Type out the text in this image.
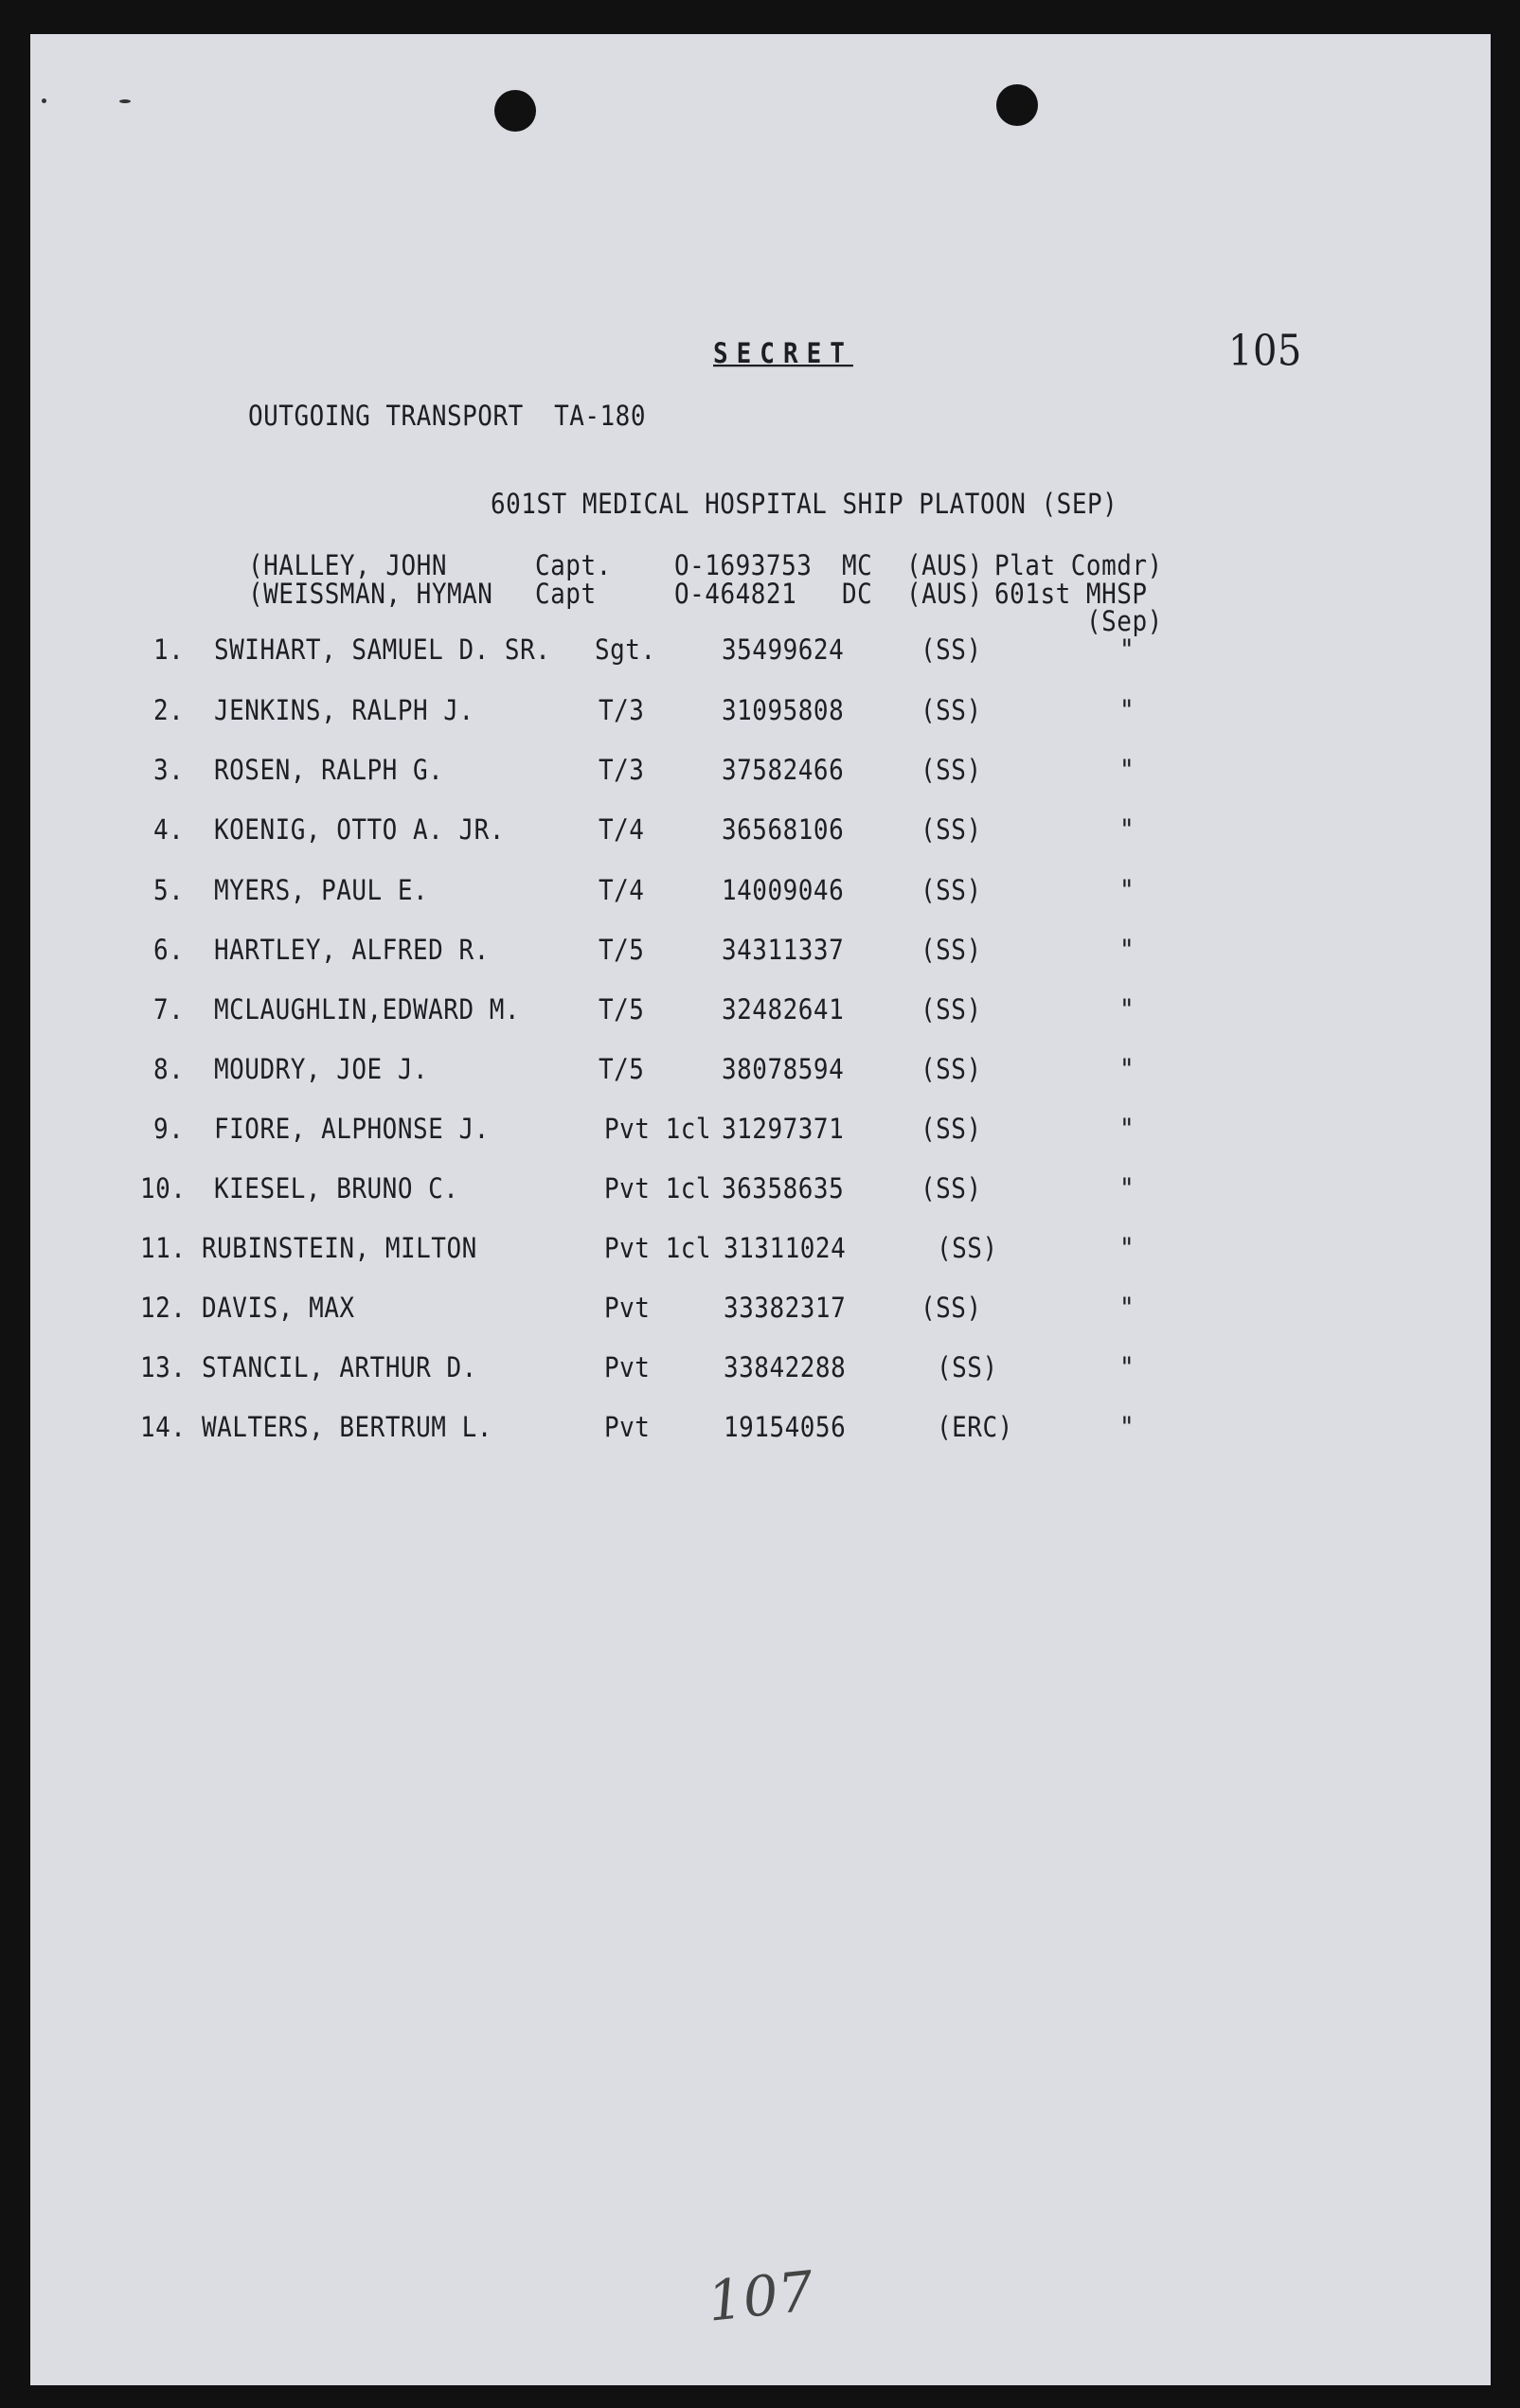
SECRET	105
OUTGOING TRANSPORT  TA-180
601ST MEDICAL HOSPITAL SHIP PLATOON (SEP)
(HALLEY, JOHN	Capt.	O-1693753 MC (AUS) Plat Comdr)
(WEISSMAN, HYMAN Capt	O-464821 DC (AUS) 601st MHSP
(Sep)
1. SWIHART, SAMUEL D. SR. Sgt.	35499624	(SS)	"
2. JENKINS, RALPH J.	T/3	31095808	(SS)	"
3. ROSEN, RALPH G.	T/3	37582466	(SS)	"
4. KOENIG, OTTO A. JR.	T/4	36568106	(SS)	"
5. MYERS, PAUL E.	T/4	14009046	(SS)	"
6. HARTLEY, ALFRED R.	T/5	34311337	(SS)	"
7. MCLAUGHLIN,EDWARD M.	T/5	32482641	(SS)	"
8. MOUDRY, JOE J.	T/5	38078594	(SS)	"
9. FIORE, ALPHONSE J.	Pvt 1cl 31297371	(SS)	"
10. KIESEL, BRUNO C.	Pvt 1cl 36358635	(SS)	"
11. RUBINSTEIN, MILTON	Pvt 1cl 31311024	(SS)	"
12. DAVIS, MAX	Pvt	33382317	(SS)	"
13. STANCIL, ARTHUR D.	Pvt	33842288	(SS)	"
14. WALTERS, BERTRUM L.	Pvt	19154056	(ERC)	"
107
